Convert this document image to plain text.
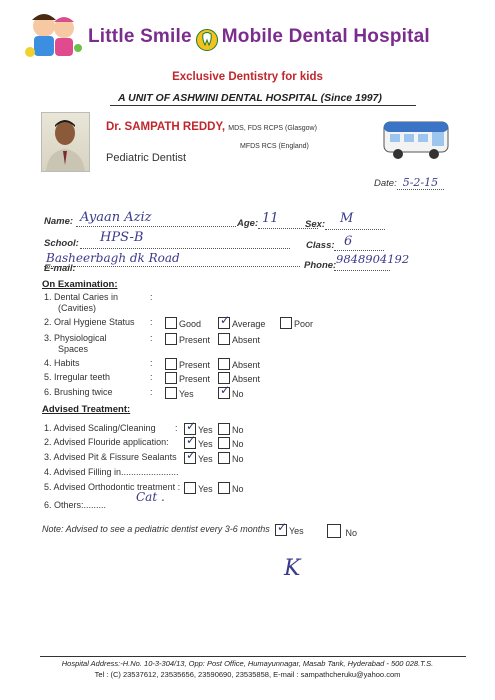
Little Smile Mobile Dental Hospital
Exclusive Dentistry for kids
A UNIT OF ASHWINI DENTAL HOSPITAL (Since 1997)
Dr. SAMPATH REDDY, MDS, FDS RCPS (Glasgow)
MFDS RCS (England)
Pediatric Dentist
Date: 5-2-15
Name: Ayaan Aziz	Age: 11	Sex: M
School: HPS-B
Class: 6
Basheerbagh dk Road
Phone: 9848904192
E-mail:
On Examination:
1. Dental Caries in
(Cavities)
:
2. Oral Hygiene Status :	Good ✓ Average	Poor
3. Physiological
Spaces
:	Present	Absent
4. Habits	:	Present	Absent
5. Irregular teeth	:	Present	Absent
6. Brushing twice	:	Yes ✓ No
Advised Treatment:
1. Advised Scaling/Cleaning : ✓ Yes	No
2. Advised Flouride application: ✓ Yes	No
3. Advised Pit & Fissure Sealants ✓ Yes	No
4. Advised Filling in.......................
5. Advised Orthodontic treatment :	Yes	No
6. Others:.........
Cat .
Note: Advised to see a pediatric dentist every 3-6 months ✓ Yes	No
K
Hospital Address:-H.No. 10-3-304/13, Opp: Post Office, Humayunnagar, Masab Tank, Hyderabad - 500 028.T.S.
Tel : (C) 23537612, 23535656, 23590690, 23535858, E-mail : sampathcheruku@yahoo.com
